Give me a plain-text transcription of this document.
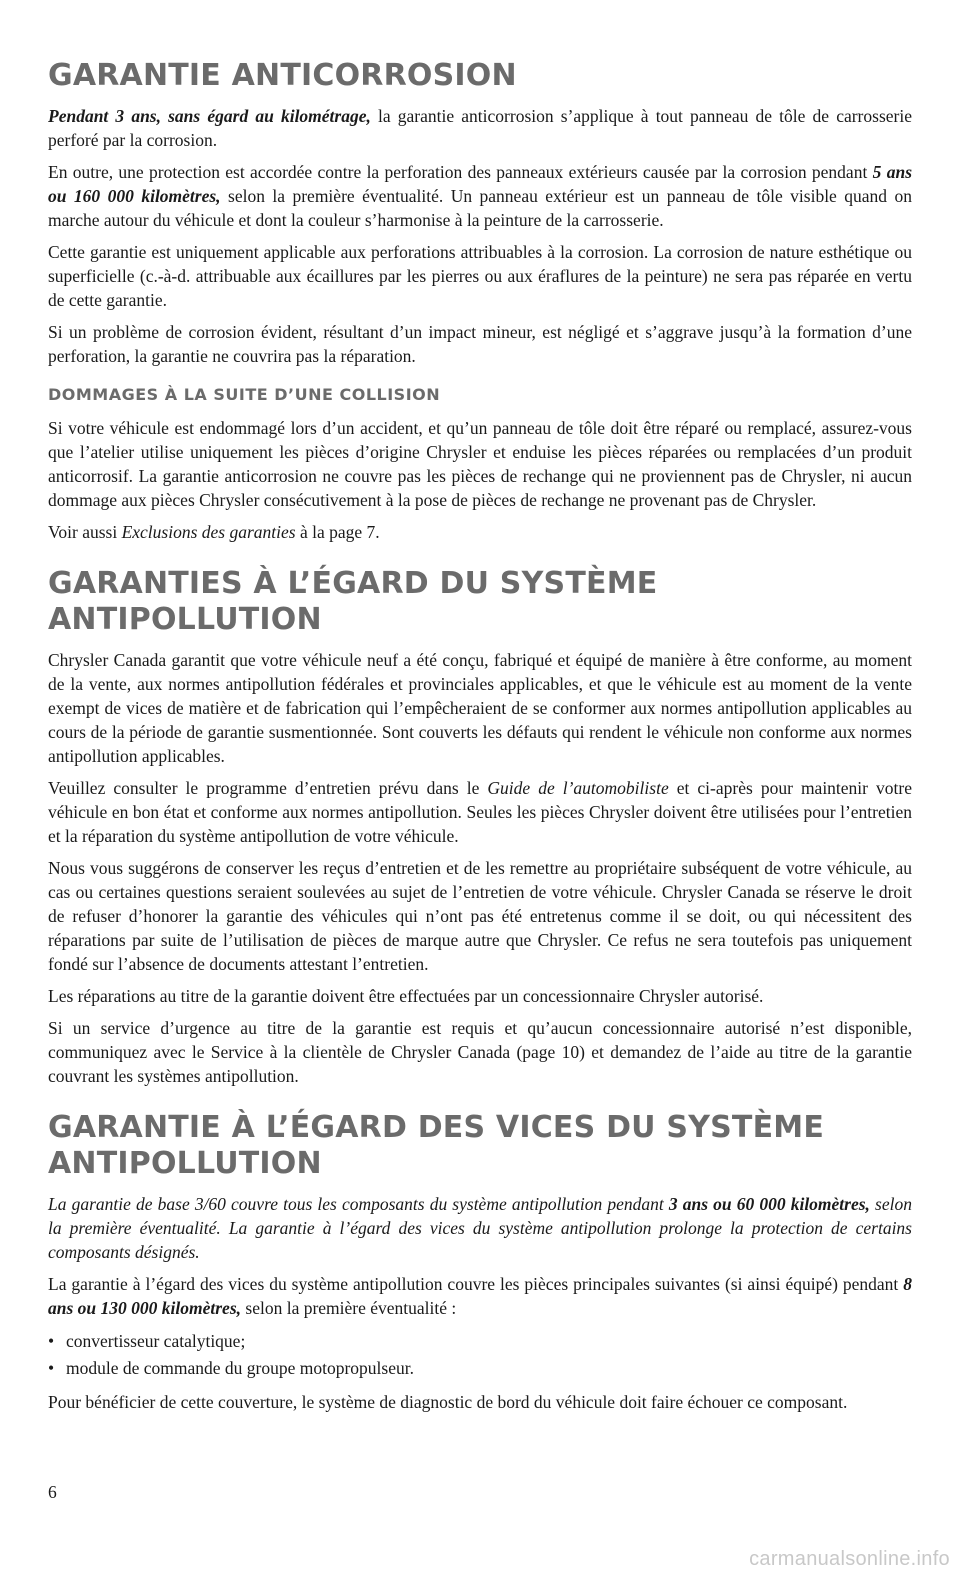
GARANTIE ANTICORROSION

Pendant 3 ans, sans égard au kilométrage, la garantie anticorrosion s’applique à tout panneau de tôle de carrosserie perforé par la corrosion.

En outre, une protection est accordée contre la perforation des panneaux extérieurs causée par la corrosion pendant 5 ans ou 160 000 kilomètres, selon la première éventualité. Un panneau extérieur est un panneau de tôle visible quand on marche autour du véhicule et dont la couleur s’harmonise à la peinture de la carrosserie.

Cette garantie est uniquement applicable aux perforations attribuables à la corrosion. La corrosion de nature esthétique ou superficielle (c.-à-d. attribuable aux écaillures par les pierres ou aux éraflures de la peinture) ne sera pas réparée en vertu de cette garantie.

Si un problème de corrosion évident, résultant d’un impact mineur, est négligé et s’aggrave jusqu’à la formation d’une perforation, la garantie ne couvrira pas la réparation.

DOMMAGES À LA SUITE D’UNE COLLISION

Si votre véhicule est endommagé lors d’un accident, et qu’un panneau de tôle doit être réparé ou remplacé, assurez-vous que l’atelier utilise uniquement les pièces d’origine Chrysler et enduise les pièces réparées ou remplacées d’un produit anticorrosif. La garantie anticorrosion ne couvre pas les pièces de rechange qui ne proviennent pas de Chrysler, ni aucun dommage aux pièces Chrysler consécutivement à la pose de pièces de rechange ne provenant pas de Chrysler.

Voir aussi Exclusions des garanties à la page 7.

GARANTIES À L’ÉGARD DU SYSTÈME ANTIPOLLUTION

Chrysler Canada garantit que votre véhicule neuf a été conçu, fabriqué et équipé de manière à être conforme, au moment de la vente, aux normes antipollution fédérales et provinciales applicables, et que le véhicule est au moment de la vente exempt de vices de matière et de fabrication qui l’empêcheraient de se conformer aux normes antipollution applicables au cours de la période de garantie susmentionnée. Sont couverts les défauts qui rendent le véhicule non conforme aux normes antipollution applicables.

Veuillez consulter le programme d’entretien prévu dans le Guide de l’automobiliste et ci-après pour maintenir votre véhicule en bon état et conforme aux normes antipollution. Seules les pièces Chrysler doivent être utilisées pour l’entretien et la réparation du système antipollution de votre véhicule.

Nous vous suggérons de conserver les reçus d’entretien et de les remettre au propriétaire subséquent de votre véhicule, au cas ou certaines questions seraient soulevées au sujet de l’entretien de votre véhicule. Chrysler Canada se réserve le droit de refuser d’honorer la garantie des véhicules qui n’ont pas été entretenus comme il se doit, ou qui nécessitent des réparations par suite de l’utilisation de pièces de marque autre que Chrysler. Ce refus ne sera toutefois pas uniquement fondé sur l’absence de documents attestant l’entretien.

Les réparations au titre de la garantie doivent être effectuées par un concessionnaire Chrysler autorisé.

Si un service d’urgence au titre de la garantie est requis et qu’aucun concessionnaire autorisé n’est disponible, communiquez avec le Service à la clientèle de Chrysler Canada (page 10) et demandez de l’aide au titre de la garantie couvrant les systèmes antipollution.

GARANTIE À L’ÉGARD DES VICES DU SYSTÈME
ANTIPOLLUTION

La garantie de base 3/60 couvre tous les composants du système antipollution pendant 3 ans ou 60 000 kilomètres, selon la première éventualité. La garantie à l’égard des vices du système antipollution prolonge la protection de certains composants désignés.

La garantie à l’égard des vices du système antipollution couvre les pièces principales suivantes (si ainsi équipé) pendant 8 ans ou 130 000 kilomètres, selon la première éventualité :

• convertisseur catalytique;
• module de commande du groupe motopropulseur.

Pour bénéficier de cette couverture, le système de diagnostic de bord du véhicule doit faire échouer ce composant.

6
carmanualsonline.info
